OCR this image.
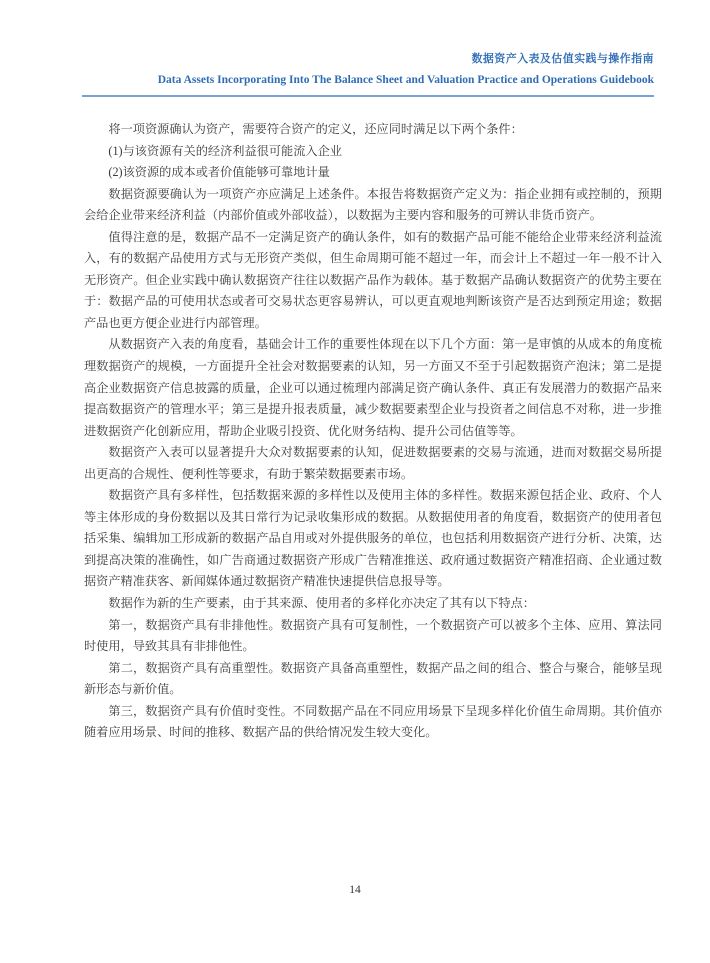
数据资产入表及估值实践与操作指南
Data Assets Incorporating Into The Balance Sheet and Valuation Practice and Operations Guidebook

将一项资源确认为资产，需要符合资产的定义，还应同时满足以下两个条件：

(1)与该资源有关的经济利益很可能流入企业

(2)该资源的成本或者价值能够可靠地计量

数据资源要确认为一项资产亦应满足上述条件。本报告将数据资产定义为：指企业拥有或控制的，预期会给企业带来经济利益（内部价值或外部收益），以数据为主要内容和服务的可辨认非货币资产。

值得注意的是，数据产品不一定满足资产的确认条件，如有的数据产品可能不能给企业带来经济利益流入，有的数据产品使用方式与无形资产类似，但生命周期可能不超过一年，而会计上不超过一年一般不计入无形资产。但企业实践中确认数据资产往往以数据产品作为载体。基于数据产品确认数据资产的优势主要在于：数据产品的可使用状态或者可交易状态更容易辨认，可以更直观地判断该资产是否达到预定用途；数据产品也更方便企业进行内部管理。

从数据资产入表的角度看，基础会计工作的重要性体现在以下几个方面：第一是审慎的从成本的角度梳理数据资产的规模，一方面提升全社会对数据要素的认知，另一方面又不至于引起数据资产泡沫；第二是提高企业数据资产信息披露的质量，企业可以通过梳理内部满足资产确认条件、真正有发展潜力的数据产品来提高数据资产的管理水平；第三是提升报表质量，减少数据要素型企业与投资者之间信息不对称，进一步推进数据资产化创新应用，帮助企业吸引投资、优化财务结构、提升公司估值等等。

数据资产入表可以显著提升大众对数据要素的认知，促进数据要素的交易与流通，进而对数据交易所提出更高的合规性、便利性等要求，有助于繁荣数据要素市场。

数据资产具有多样性，包括数据来源的多样性以及使用主体的多样性。数据来源包括企业、政府、个人等主体形成的身份数据以及其日常行为记录收集形成的数据。从数据使用者的角度看，数据资产的使用者包括采集、编辑加工形成新的数据产品自用或对外提供服务的单位，也包括利用数据资产进行分析、决策，达到提高决策的准确性，如广告商通过数据资产形成广告精准推送、政府通过数据资产精准招商、企业通过数据资产精准获客、新闻媒体通过数据资产精准快速提供信息报导等。

数据作为新的生产要素，由于其来源、使用者的多样化亦决定了其有以下特点：

第一，数据资产具有非排他性。数据资产具有可复制性，一个数据资产可以被多个主体、应用、算法同时使用，导致其具有非排他性。

第二，数据资产具有高重塑性。数据资产具备高重塑性，数据产品之间的组合、整合与聚合，能够呈现新形态与新价值。

第三，数据资产具有价值时变性。不同数据产品在不同应用场景下呈现多样化价值生命周期。其价值亦随着应用场景、时间的推移、数据产品的供给情况发生较大变化。

14
